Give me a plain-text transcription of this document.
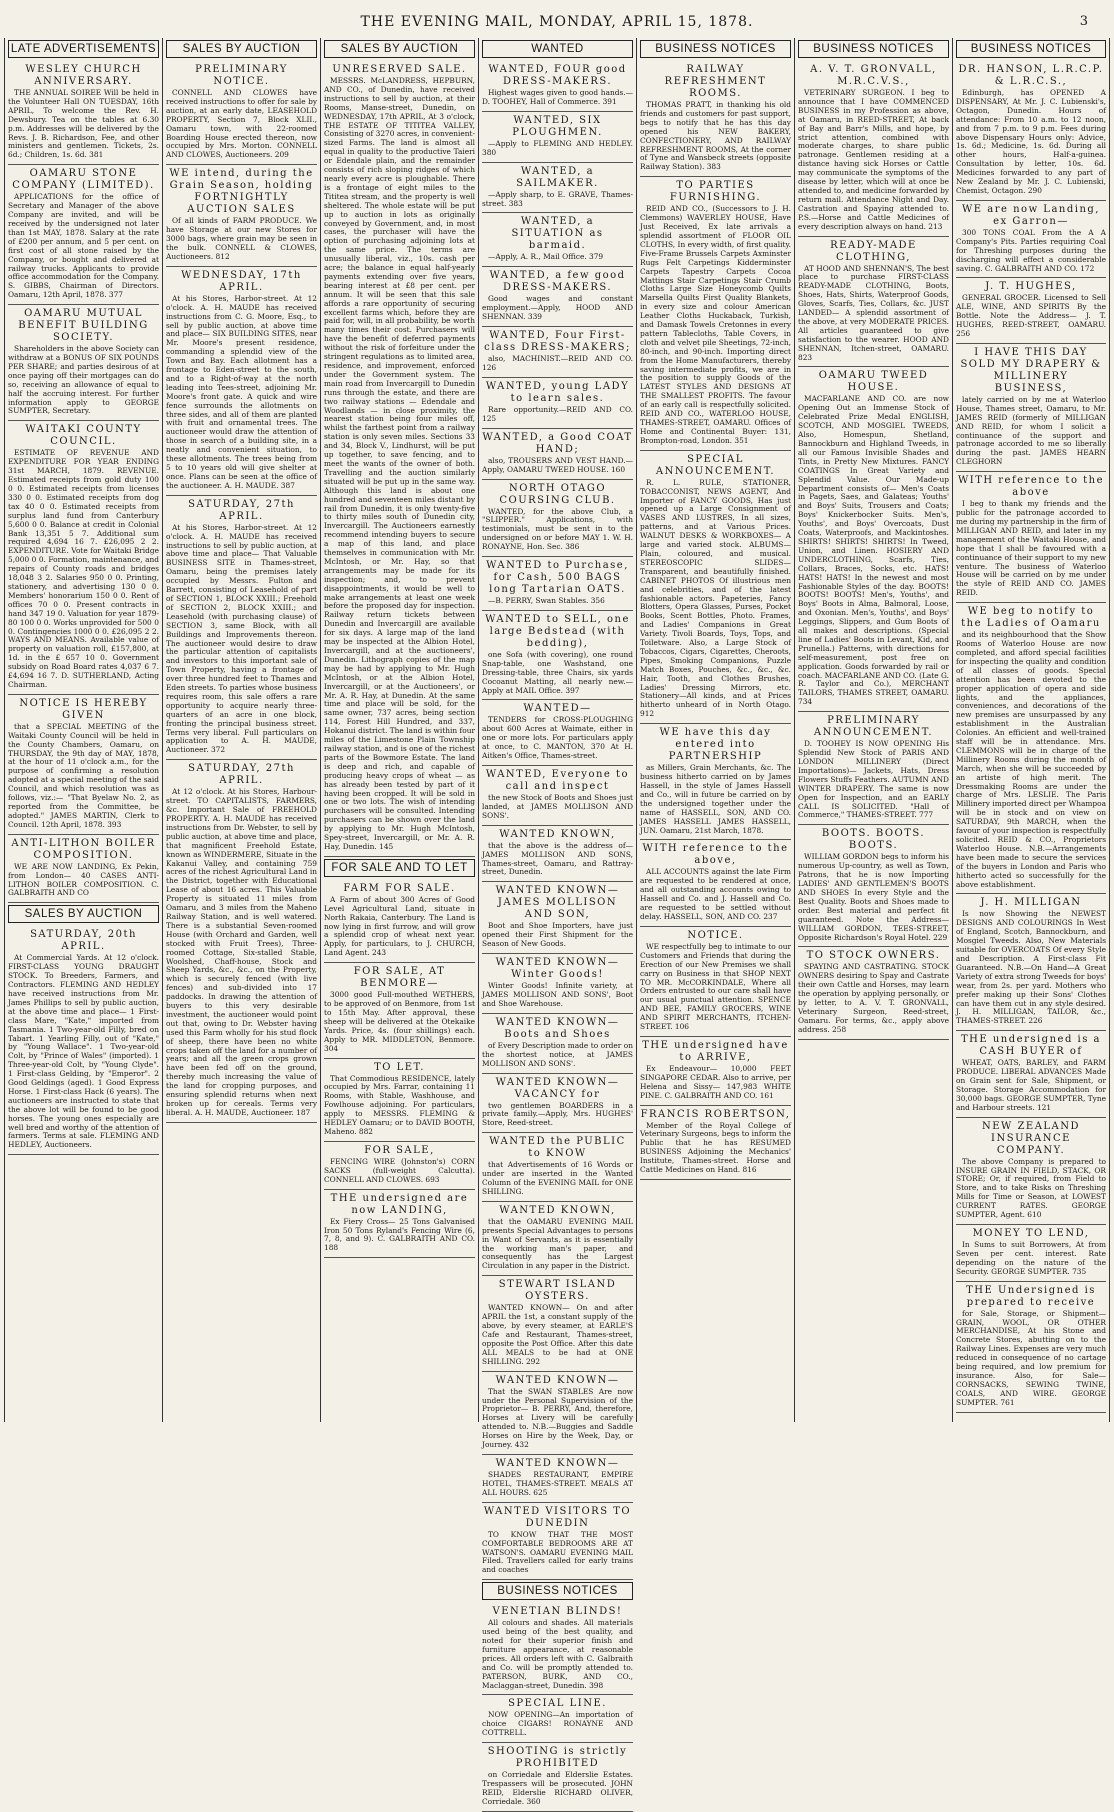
THE EVENING MAIL, MONDAY, APRIL 15, 1878.	3
LATE ADVERTISEMENTS
WESLEY CHURCH ANNIVERSARY.

THE ANNUAL SOIREE Will be held in the Volunteer Hall ON TUESDAY, 16th APRIL, To welcome the Rev. H. Dewsbury. Tea on the tables at 6.30 p.m. Addresses will be delivered by the Revs. J. B. Richardson, Fee, and other ministers and gentlemen. Tickets, 2s. 6d.; Children, 1s. 6d. 381

OAMARU STONE COMPANY (LIMITED).

APPLICATIONS for the office of Secretary and Manager of the above Company are invited, and will be received by the undersigned not later than 1st MAY, 1878. Salary at the rate of £200 per annum, and 5 per cent. on first cost of all stone raised by the Company, or bought and delivered at railway trucks. Applicants to provide office accommodation for the Company. S. GIBBS, Chairman of Directors. Oamaru, 12th April, 1878. 377

OAMARU MUTUAL BENEFIT BUILDING SOCIETY.

Shareholders in the above Society can withdraw at a BONUS OF SIX POUNDS PER SHARE; and parties desirous of at once paying off their mortgages can do so, receiving an allowance of equal to half the accruing interest. For further information apply to GEORGE SUMPTER, Secretary.

WAITAKI COUNTY COUNCIL.

ESTIMATE OF REVENUE AND EXPENDITURE FOR YEAR ENDING 31st MARCH, 1879. REVENUE. Estimated receipts from gold duty 100 0 0. Estimated receipts from licenses 330 0 0. Estimated receipts from dog tax 40 0 0. Estimated receipts from surplus land fund from Canterbury 5,600 0 0. Balance at credit in Colonial Bank 13,351 5 7. Additional sum required 4,694 16 7. £26,095 2 2. EXPENDITURE. Vote for Waitaki Bridge 5,000 0 0. Formation, maintenance, and repairs of County roads and bridges 18,048 3 2. Salaries 950 0 0. Printing, stationery, and advertising 130 0 0. Members' honorarium 150 0 0. Rent of offices 70 0 0. Present contracts in hand 347 19 0. Valuation for year 1879-80 100 0 0. Works unprovided for 500 0 0. Contingencies 1000 0 0. £26,095 2 2. WAYS AND MEANS. Available value of property on valuation roll, £157,800, at 1d. in the £ 657 10 0. Government subsidy on Road Board rates 4,037 6 7. £4,694 16 7. D. SUTHERLAND, Acting Chairman.

NOTICE IS HEREBY GIVEN

that a SPECIAL MEETING of the Waitaki County Council will be held in the County Chambers, Oamaru, on THURSDAY, the 9th day of MAY, 1878, at the hour of 11 o'clock a.m., for the purpose of confirming a resolution adopted at a special meeting of the said Council, and which resolution was as follows, viz.:— "That Byelaw No. 2, as reported from the Committee, be adopted." JAMES MARTIN, Clerk to Council. 12th April, 1878. 393

ANTI-LITHON BOILER COMPOSITION.

WE ARE NOW LANDING, Ex Pekin, from London— 40 CASES ANTI-LITHON BOILER COMPOSITION. C. GALBRAITH AND CO

SALES BY AUCTION
SATURDAY, 20th APRIL.

At Commercial Yards. At 12 o'clock. FIRST-CLASS YOUNG DRAUGHT STOCK. To Breeders, Farmers, and Contractors. FLEMING AND HEDLEY have received instructions from Mr. James Phillips to sell by public auction, at the above time and place— 1 First-class Mare, "Kate," imported from Tasmania. 1 Two-year-old Filly, bred on Tabart. 1 Yearling Filly, out of "Kate," by "Young Wallace". 1 Two-year-old Colt, by "Prince of Wales" (imported). 1 Three-year-old Colt, by "Young Clyde". 1 First-class Gelding, by "Emperor". 2 Good Geldings (aged). 1 Good Express Horse. 1 First-class Hack (6 years). The auctioneers are instructed to state that the above lot will be found to be good horses. The young ones especially are well bred and worthy of the attention of farmers. Terms at sale. FLEMING AND HEDLEY, Auctioneers.

SALES BY AUCTION
PRELIMINARY NOTICE.

CONNELL AND CLOWES have received instructions to offer for sale by auction, at an early date, LEASEHOLD PROPERTY, Section 7, Block XLII., Oamaru town, with 22-roomed Boarding House erected thereon, now occupied by Mrs. Morton. CONNELL AND CLOWES, Auctioneers. 209

WE intend, during the Grain Season, holding FORTNIGHTLY AUCTION SALES

Of all kinds of FARM PRODUCE. We have Storage at our new Stores for 3000 bags, where grain may be seen in the bulk. CONNELL & CLOWES, Auctioneers. 812

WEDNESDAY, 17th APRIL.

At his Stores, Harbor-street. At 12 o'clock. A. H. MAUDE has received instructions from C. G. Moore, Esq., to sell by public auction, at above time and place— SIX BUILDING SITES, near Mr. Moore's present residence, commanding a splendid view of the Town and Bay. Each allotment has a frontage to Eden-street to the south, and to a Right-of-way at the north leading into Tees-street, adjoining Mr. Moore's front gate. A quick and wire fence surrounds the allotments on three sides, and all of them are planted with fruit and ornamental trees. The auctioneer would draw the attention of those in search of a building site, in a neatly and convenient situation, to these allotments. The trees being from 5 to 10 years old will give shelter at once. Plans can be seen at the office of the auctioneer. A. H. MAUDE. 387

SATURDAY, 27th APRIL.

At his Stores, Harbor-street. At 12 o'clock. A. H. MAUDE has received instructions to sell by public auction, at above time and place— That Valuable BUSINESS SITE in Thames-street, Oamaru, being the premises lately occupied by Messrs. Fulton and Barrett, consisting of Leasehold of part of SECTION 1, BLOCK XXIII.; Freehold of SECTION 2, BLOCK XXIII.; and Leasehold (with purchasing clause) of SECTION 3, same Block, with all Buildings and Improvements thereon. The auctioneer would desire to draw the particular attention of capitalists and investors to this important sale of Town Property, having a frontage of over three hundred feet to Thames and Eden streets. To parties whose business requires room, this sale offers a rare opportunity to acquire nearly three-quarters of an acre in one block, fronting the principal business street. Terms very liberal. Full particulars on application to A. H. MAUDE, Auctioneer. 372

SATURDAY, 27th APRIL.

At 12 o'clock. At his Stores, Harbour-street. TO CAPITALISTS, FARMERS, &c. Important Sale of FREEHOLD PROPERTY. A. H. MAUDE has received instructions from Dr. Webster, to sell by public auction, at above time and place, that magnificent Freehold Estate, known as WINDERMERE, Situate in the Kakanui Valley, and containing 759 acres of the richest Agricultural Land in the District, together with Educational Lease of about 16 acres. This Valuable Property is situated 11 miles from Oamaru, and 3 miles from the Maheno Railway Station, and is well watered. There is a substantial Seven-roomed House (with Orchard and Garden, well stocked with Fruit Trees), Three-roomed Cottage, Six-stalled Stable, Woolshed, Chaff-house, Stock and Sheep Yards, &c., &c., on the Property, which is securely fenced (with live fences) and sub-divided into 17 paddocks. In drawing the attention of buyers to this very desirable investment, the auctioneer would point out that, owing to Dr. Webster having used this Farm wholly for his stud flock of sheep, there have been no white crops taken off the land for a number of years; and all the green crops grown have been fed off on the ground, thereby much increasing the value of the land for cropping purposes, and ensuring splendid returns when next broken up for cereals. Terms very liberal. A. H. MAUDE, Auctioneer. 187

SALES BY AUCTION
UNRESERVED SALE.

MESSRS. McLANDRESS, HEPBURN, AND CO., of Dunedin, have received instructions to sell by auction, at their Rooms, Manse-street, Dunedin, on WEDNESDAY, 17th APRIL, At 3 o'clock, THE ESTATE OF TITITEA VALLEY, Consisting of 3270 acres, in convenient-sized Farms. The land is almost all equal in quality to the productive Taieri or Edendale plain, and the remainder consists of rich sloping ridges of which nearly every acre is ploughable. There is a frontage of eight miles to the Tititea stream, and the property is well sheltered. The whole estate will be put up to auction in lots as originally conveyed by Government, and, in most cases, the purchaser will have the option of purchasing adjoining lots at the same price. The terms are unusually liberal, viz., 10s. cash per acre; the balance in equal half-yearly payments extending over five years, bearing interest at £8 per cent. per annum. It will be seen that this sale affords a rare opportunity of securing excellent farms which, before they are paid for, will, in all probability, be worth many times their cost. Purchasers will have the benefit of deferred payments without the risk of forfeiture under the stringent regulations as to limited area, residence, and improvement, enforced under the Government system. The main road from Invercargill to Dunedin runs through the estate, and there are two railway stations — Edendale and Woodlands — in close proximity, the nearest station being four miles off, whilst the farthest point from a railway station is only seven miles. Sections 33 and 34, Block V., Lindhurst, will be put up together, to save fencing, and to meet the wants of the owner of both. Travelling and the auction similarly situated will be put up in the same way. Although this land is about one hundred and seventeen miles distant by rail from Dunedin, it is only twenty-five to thirty miles south of Dunedin city, Invercargill. The Auctioneers earnestly recommend intending buyers to secure a map of this land, and place themselves in communication with Mr. McIntosh, or Mr. Hay, so that arrangements may be made for its inspection; and, to prevent disappointments, it would be well to make arrangements at least one week before the proposed day for inspection. Railway return tickets between Dunedin and Invercargill are available for six days. A large map of the land may be inspected at the Albion Hotel, Invercargill, and at the auctioneers', Dunedin. Lithograph copies of the map may be had by applying to Mr. Hugh McIntosh, or at the Albion Hotel, Invercargill, or at the Auctioneers', or Mr. A. R. Hay, at Dunedin. At the same time and place will be sold, for the same owner, 737 acres, being section 114, Forest Hill Hundred, and 337, Hokanui district. The land is within four miles of the Limestone Plain Township railway station, and is one of the richest parts of the Bowmore Estate. The land is deep and rich, and capable of producing heavy crops of wheat — as has already been tested by part of it having been cropped. It will be sold in one or two lots. The wish of intending purchasers will be consulted. Intending purchasers can be shown over the land by applying to Mr. Hugh McIntosh, Spey-street, Invercargill, or Mr. A. R. Hay, Dunedin. 145

FOR SALE AND TO LET
FARM FOR SALE.

A Farm of about 300 Acres of Good Level Agricultural Land, situate in North Rakaia, Canterbury. The Land is now lying in first furrow, and will grow a splendid crop of wheat next year. Apply, for particulars, to J. CHURCH, Land Agent. 243

FOR SALE, AT BENMORE—

3000 good Full-mouthed WETHERS, to be approved of on Benmore, from 1st to 15th May. After approval, these sheep will be delivered at the Otekaike Yards. Price, 4s. (four shillings) each. Apply to MR. MIDDLETON, Benmore. 304

TO LET.

That Commodious RESIDENCE, lately occupied by Mrs. Farrar, containing 11 Rooms, with Stable, Washhouse, and Fowlhouse adjoining. For particulars, apply to MESSRS. FLEMING & HEDLEY Oamaru; or to DAVID BOOTH, Maheno. 882

FOR SALE,

FENCING WIRE (Johnston's) CORN SACKS (full-weight Calcutta). CONNELL AND CLOWES. 693

THE undersigned are now LANDING,

Ex Fiery Cross— 25 Tons Galvanised Iron 50 Tons Ryland's Fencing Wire (6, 7, 8, and 9). C. GALBRAITH AND CO. 188

WANTED
WANTED, FOUR good DRESS-MAKERS.

Highest wages given to good hands.—D. TOOHEY, Hall of Commerce. 391

WANTED, SIX PLOUGHMEN.

—Apply to FLEMING AND HEDLEY. 380

WANTED, a SAILMAKER.

—Apply sharp, to E. GRAVE, Thames-street. 383

WANTED, a SITUATION as barmaid.

—Apply, A. R., Mail Office. 379

WANTED, a few good DRESS-MAKERS.

Good wages and constant employment.—Apply, HOOD AND SHENNAN. 339

WANTED, Four First-class DRESS-MAKERS;

also, MACHINIST.—REID AND CO. 126

WANTED, young LADY to learn sales.

Rare opportunity.—REID AND CO. 125

WANTED, a Good COAT HAND;

also, TROUSERS AND VEST HAND.—Apply, OAMARU TWEED HOUSE. 160

NORTH OTAGO COURSING CLUB.

WANTED, for the above Club, a "SLIPPER." Applications, with testimonials, must be sent in to the undersigned on or before MAY 1. W. H. RONAYNE, Hon. Sec. 386

WANTED to Purchase, for Cash, 500 BAGS long Tartarian OATS.

—B. PERRY, Swan Stables. 356

WANTED to SELL, one large Bedstead (with bedding),

one Sofa (with covering), one round Snap-table, one Washstand, one Dressing-table, three Chairs, six yards Cocoanut Matting, all nearly new.—Apply at MAIL Office. 397

WANTED—

TENDERS for CROSS-PLOUGHING about 600 Acres at Waimate, either in one or more lots. For particulars apply at once, to C. MANTON, 370 At H. Aitken's Office, Thames-street.

WANTED, Everyone to call and inspect

the new Stock of Boots and Shoes just landed, at JAMES MOLLISON AND SONS'.

WANTED KNOWN,

that the above is the address of—JAMES MOLLISON AND SONS, Thames-street, Oamaru, and Rattray-street, Dunedin.

WANTED KNOWN—JAMES MOLLISON AND SON,

Boot and Shoe Importers, have just opened their First Shipment for the Season of New Goods.

WANTED KNOWN—Winter Goods!

Winter Goods! Infinite variety, at JAMES MOLLISON AND SONS', Boot and Shoe Warehouse.

WANTED KNOWN—Boots and Shoes

of Every Description made to order on the shortest notice, at JAMES MOLLISON AND SONS'.

WANTED KNOWN—VACANCY for

two gentlemen BOARDERS in a private family.—Apply, Mrs. HUGHES' Store, Reed-street.

WANTED the PUBLIC to KNOW

that Advertisements of 16 Words or under are inserted in the Wanted Column of the EVENING MAIL for ONE SHILLING.

WANTED KNOWN,

that the OAMARU EVENING MAIL presents Special Advantages to persons in Want of Servants, as it is essentially the working man's paper, and consequently has the Largest Circulation in any paper in the District.

STEWART ISLAND OYSTERS.

WANTED KNOWN— On and after APRIL the 1st, a constant supply of the above, by every steamer, at EARLE'S Cafe and Restaurant, Thames-street, opposite the Post Office. After this date ALL MEALS to be had at ONE SHILLING. 292

WANTED KNOWN—

That the SWAN STABLES Are now under the Personal Supervision of the Proprietor— B. PERRY, And, therefore, Horses at Livery will be carefully attended to. N.B.—Buggies and Saddle Horses on Hire by the Week, Day, or Journey. 432

WANTED KNOWN—

SHADES RESTAURANT, EMPIRE HOTEL, THAMES-STREET. MEALS AT ALL HOURS. 625

WANTED VISITORS TO DUNEDIN

TO KNOW THAT THE MOST COMFORTABLE BEDROOMS ARE AT WATSON'S. OAMARU EVENING MAIL Filed. Travellers called for early trains and coaches

BUSINESS NOTICES
VENETIAN BLINDS!

All colours and shades. All materials used being of the best quality, and noted for their superior finish and furniture appearance, at reasonable prices. All orders left with C. Galbraith and Co. will be promptly attended to. PATERSON, BURK, AND CO., Maclaggan-street, Dunedin. 398

SPECIAL LINE.

NOW OPENING—An importation of choice CIGARS! RONAYNE AND COTTRELL.

SHOOTING is strictly PROHIBITED

on Corriedale and Elderslie Estates. Trespassers will be prosecuted. JOHN REID, Elderslie RICHARD OLIVER, Corriedale. 360

BUSINESS NOTICES
RAILWAY REFRESHMENT ROOMS.

THOMAS PRATT, in thanking his old friends and customers for past support, begs to notify that he has this day opened his NEW BAKERY, CONFECTIONERY, AND RAILWAY REFRESHMENT ROOMS, At the corner of Tyne and Wansbeck streets (opposite Railway Station). 383

TO PARTIES FURNISHING.

REID AND CO., (Successors to J. H. Clemmons) WAVERLEY HOUSE, Have Just Received, Ex late arrivals a splendid assortment of FLOOR OIL CLOTHS, In every width, of first quality. Five-Frame Brussels Carpets Axminster Rugs Felt Carpetings Kidderminster Carpets Tapestry Carpets Cocoa Mattings Stair Carpetings Stair Crumb Cloths Large Size Honeycomb Quilts Marsella Quilts First Quality Blankets, in every size and colour American Leather Cloths Huckaback, Turkish, and Damask Towels Cretonnes in every pattern Tablecloths, Table Covers, in cloth and velvet pile Sheetings, 72-inch, 80-inch, and 90-inch. Importing direct from the Home Manufacturers, thereby saving intermediate profits, we are in the position to supply Goods of the LATEST STYLES AND DESIGNS AT THE SMALLEST PROFITS. The favour of an early call is respectfully solicited. REID AND CO., WATERLOO HOUSE, THAMES-STREET, OAMARU. Offices of Home and Continental Buyer: 131, Brompton-road, London. 351

SPECIAL ANNOUNCEMENT.

R. L. RULE, STATIONER, TOBACCONIST, NEWS AGENT, And Importer of FANCY GOODS, Has just opened up a Large Consignment of VASES AND LUSTRES, In all sizes, patterns, and at Various Prices. WALNUT DESKS & WORKBOXES— A large and varied stock. ALBUMS— Plain, coloured, and musical. STEREOSCOPIC SLIDES— Transparent, and beautifully finished. CABINET PHOTOS Of illustrious men and celebrities, and of the latest fashionable actors. Papeteries, Fancy Blotters, Opera Glasses, Purses, Pocket Books, Scent Bottles, Photo. Frames, and Ladies' Companions in Great Variety. Tivoli Boards, Toys, Tops, and Toiletware. Also, a Large Stock of Tobaccos, Cigars, Cigarettes, Cheroots, Pipes, Smoking Companions, Puzzle Match Boxes, Pouches, &c., &c., &c. Hair, Tooth, and Clothes Brushes, Ladies' Dressing Mirrors, etc. Stationery—All kinds, and at Prices hitherto unheard of in North Otago. 912

WE have this day entered into PARTNERSHIP

as Millers, Grain Merchants, &c. The business hitherto carried on by James Hassell, in the style of James Hassell and Co., will in future be carried on by the undersigned together under the name of HASSELL, SON, AND CO. JAMES HASSELL JAMES HASSELL, JUN. Oamaru, 21st March, 1878.

WITH reference to the above,

ALL ACCOUNTS against the late Firm are requested to be rendered at once, and all outstanding accounts owing to Hassell and Co. and J. Hassell and Co. are requested to be settled without delay. HASSELL, SON, AND CO. 237

NOTICE.

WE respectfully beg to intimate to our Customers and Friends that during the Erection of our New Premises we shall carry on Business in that SHOP NEXT TO MR. McCORKINDALE, Where all Orders entrusted to our care shall have our usual punctual attention. SPENCE AND BEE, FAMILY GROCERS, WINE AND SPIRIT MERCHANTS, ITCHEN-STREET. 106

THE undersigned have to ARRIVE,

Ex Endeavour— 10,000 FEET SINGAPORE CEDAR. Also to arrive, per Helena and Sissy— 147,983 WHITE PINE. C. GALBRAITH AND CO. 161

FRANCIS ROBERTSON,

Member of the Royal College of Veterinary Surgeons, begs to inform the Public that he has RESUMED BUSINESS Adjoining the Mechanics' Institute, Thames-street. Horse and Cattle Medicines on Hand. 816

BUSINESS NOTICES
A. V. T. GRONVALL, M.R.C.V.S.,

VETERINARY SURGEON. I beg to announce that I have COMMENCED BUSINESS in my Profession as above, at Oamaru, in REED-STREET, At back of Bay and Barr's Mills, and hope, by strict attention, combined with moderate charges, to share public patronage. Gentlemen residing at a distance having sick Horses or Cattle may communicate the symptoms of the disease by letter, which will at once be attended to, and medicine forwarded by return mail. Attendance Night and Day. Castration and Spaying attended to. P.S.—Horse and Cattle Medicines of every description always on hand. 213

READY-MADE CLOTHING,

AT HOOD AND SHENNAN'S, The best place to purchase FIRST-CLASS READY-MADE CLOTHING, Boots, Shoes, Hats, Shirts, Waterproof Goods, Gloves, Scarfs, Ties, Collars, &c. JUST LANDED— A splendid assortment of the above, at very MODERATE PRICES. All articles guaranteed to give satisfaction to the wearer. HOOD AND SHENNAN, Itchen-street, OAMARU. 823

OAMARU TWEED HOUSE.

MACFARLANE AND CO. are now Opening Out an Immense Stock of Celebrated Prize Medal ENGLISH, SCOTCH, AND MOSGIEL TWEEDS, Also, Homespun, Shetland, Bannockburn and Highland Tweeds, in all our Famous Invisible Shades and Tints, in Pretty New Mixtures. FANCY COATINGS In Great Variety and Splendid Value. Our Made-up Department consists of— Men's Coats in Pagets, Saes, and Galateas; Youths' and Boys' Suits, Trousers and Coats; Boys' Knickerbocker Suits. Men's, Youths', and Boys' Overcoats, Dust Coats, Waterproofs, and Mackintoshes. SHIRTS! SHIRTS! SHIRTS! In Tweed, Union, and Linen. HOSIERY AND UNDERCLOTHING, Scarfs, Ties, Collars, Braces, Socks, etc. HATS! HATS! HATS! In the newest and most Fashionable Styles of the day. BOOTS! BOOTS! BOOTS! Men's, Youths', and Boys' Boots in Alma, Balmoral, Loose, and Oxonian. Men's, Youths', and Boys' Leggings, Slippers, and Gum Boots of all makes and descriptions. (Special line of Ladies' Boots in Levant, Kid, and Prunella.) Patterns, with directions for self-measurement, post free on application. Goods forwarded by rail or coach. MACFARLANE AND CO. (Late G. R. Taylor and Co.), MERCHANT TAILORS, THAMES STREET, OAMARU. 734

PRELIMINARY ANNOUNCEMENT.

D. TOOHEY IS NOW OPENING His Splendid New Stock of PARIS AND LONDON MILLINERY (Direct Importations)— Jackets, Hats, Dress Flowers Stuffs Feathers. AUTUMN AND WINTER DRAPERY. The same is now Open for Inspection, and an EARLY CALL IS SOLICITED. "Hall of Commerce," THAMES-STREET. 777

BOOTS. BOOTS. BOOTS.

WILLIAM GORDON begs to inform his numerous Up-country, as well as Town, Patrons, that he is now Importing LADIES' AND GENTLEMEN'S BOOTS AND SHOES In every Style and the Best Quality. Boots and Shoes made to order. Best material and perfect fit guaranteed. Note the Address— WILLIAM GORDON, TEES-STREET, Opposite Richardson's Royal Hotel. 229

TO STOCK OWNERS.

SPAYING AND CASTRATING. STOCK OWNERS desiring to Spay and Castrate their own Cattle and Horses, may learn the operation by applying personally, or by letter, to A. V. T. GRONVALL, Veterinary Surgeon, Reed-street, Oamaru. For terms, &c., apply above address. 258

BUSINESS NOTICES
DR. HANSON, L.R.C.P. & L.R.C.S.,

Edinburgh, has OPENED A DISPENSARY, At Mr. J. C. Lubienski's, Octagon, Dunedin. Hours of attendance: From 10 a.m. to 12 noon, and from 7 p.m. to 9 p.m. Fees during above Dispensary Hours only: Advice, 1s. 6d.; Medicine, 1s. 6d. During all other hours, Half-a-guinea. Consultation by letter, 10s. 6d. Medicines forwarded to any part of New Zealand by Mr. J. C. Lubienski, Chemist, Octagon. 290

WE are now Landing, ex Garron—

300 TONS COAL From the A A Company's Pits. Parties requiring Coal for Threshing purposes during the discharging will effect a considerable saving. C. GALBRAITH AND CO. 172

J. T. HUGHES,

GENERAL GROCER. Licensed to Sell ALE, WINE, AND SPIRITS By the Bottle. Note the Address— J. T. HUGHES, REED-STREET, OAMARU. 256

I HAVE THIS DAY SOLD MY DRAPERY & MILLINERY BUSINESS,

lately carried on by me at Waterloo House, Thames street, Oamaru, to Mr. JAMES REID (formerly of MILLIGAN AND REID, for whom I solicit a continuance of the support and patronage accorded to me so liberally during the past. JAMES HEARN CLEGHORN

WITH reference to the above

I beg to thank my friends and the public for the patronage accorded to me during my partnership in the firm of MILLIGAN AND REID, and later in my management of the Waitaki House, and hope that I shall be favoured with a continuance of their support to my new venture. The business of Waterloo House will be carried on by me under the style of REID AND CO. JAMES REID.

WE beg to notify to the Ladies of Oamaru

and its neighbourhood that the Show Rooms of Waterloo House are now completed, and afford special facilities for inspecting the quality and condition of all classes of goods. Special attention has been devoted to the proper application of opera and side lights, and the appliances, conveniences, and decorations of the new premises are unsurpassed by any establishment in the Australian Colonies. An efficient and well-trained staff will be in attendance. Mrs. CLEMMONS will be in charge of the Millinery Rooms during the month of March, when she will be succeeded by an artiste of high merit. The Dressmaking Rooms are under the charge of Mrs. LESLIE. The Paris Millinery imported direct per Whampoa will be in stock and on view on SATURDAY, 9th MARCH, when the favour of your inspection is respectfully solicited. REID & CO., Proprietors Waterloo House. N.B.—Arrangements have been made to secure the services of the buyers in London and Paris who hitherto acted so successfully for the above establishment.

J. H. MILLIGAN

Is now Showing the NEWEST DESIGNS AND COLOURINGS In West of England, Scotch, Bannockburn, and Mosgiel Tweeds. Also, New Materials suitable for OVERCOATS Of every Style and Description. A First-class Fit Guaranteed. N.B.—On Hand—A Great Variety of extra strong Tweeds for boys' wear, from 2s. per yard. Mothers who prefer making up their Sons' Clothes can have them cut in any style desired. J. H. MILLIGAN, TAILOR, &c., THAMES-STREET. 226

THE undersigned is a CASH BUYER of

WHEAT, OATS, BARLEY, and FARM PRODUCE. LIBERAL ADVANCES Made on Grain sent for Sale, Shipment, or Storage. Storage Accommodation for 30,000 bags. GEORGE SUMPTER, Tyne and Harbour streets. 121

NEW ZEALAND INSURANCE COMPANY.

The above Company is prepared to INSURE GRAIN IN FIELD, STACK, OR STORE; Or, if required, from Field to Store, and to take Risks on Threshing Mills for Time or Season, at LOWEST CURRENT RATES. GEORGE SUMPTER, Agent. 610

MONEY TO LEND,

In Sums to suit Borrowers, At from Seven per cent. interest. Rate depending on the nature of the Security. GEORGE SUMPTER. 735

THE Undersigned is prepared to receive

for Sale, Storage, or Shipment— GRAIN, WOOL, OR OTHER MERCHANDISE, At his Stone and Concrete Stores, abutting on to the Railway Lines. Expenses are very much reduced in consequence of no cartage being required, and low premium for insurance. Also, for Sale— CORNSACKS, SEWING TWINE, COALS, AND WIRE. GEORGE SUMPTER. 761
